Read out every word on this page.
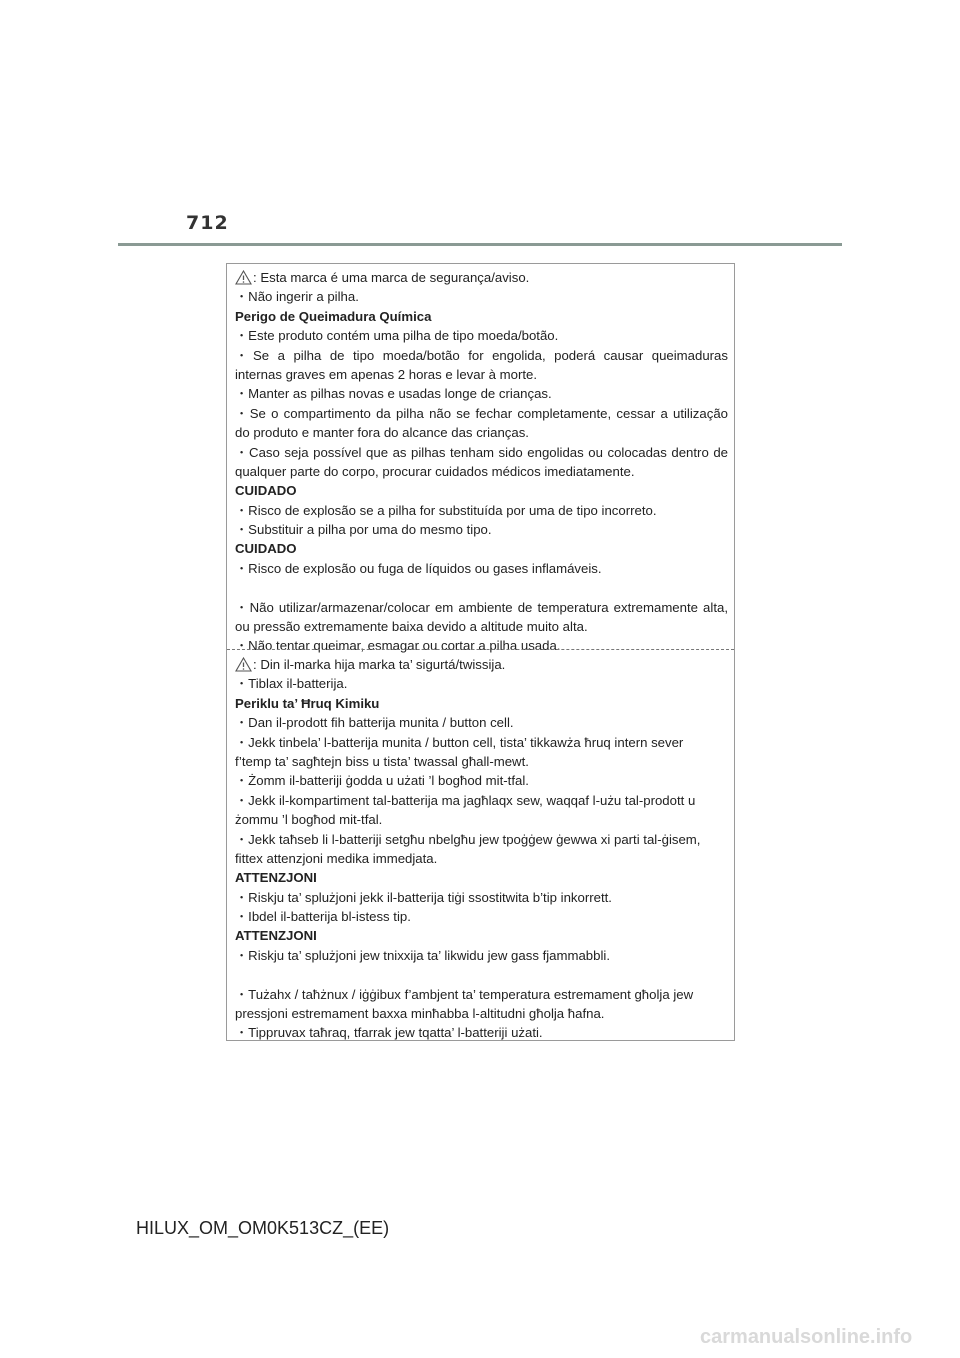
712
: Esta marca é uma marca de segurança/aviso.
・Não ingerir a pilha.
Perigo de Queimadura Química
・Este produto contém uma pilha de tipo moeda/botão.
・Se a pilha de tipo moeda/botão for engolida, poderá causar queimaduras
internas graves em apenas 2 horas e levar à morte.
・Manter as pilhas novas e usadas longe de crianças.
・Se o compartimento da pilha não se fechar completamente, cessar a utilização
do produto e manter fora do alcance das crianças.
・Caso seja possível que as pilhas tenham sido engolidas ou colocadas dentro de
qualquer parte do corpo, procurar cuidados médicos imediatamente.
CUIDADO
・Risco de explosão se a pilha for substituída por uma de tipo incorreto.
・Substituir a pilha por uma do mesmo tipo.
CUIDADO
・Risco de explosão ou fuga de líquidos ou gases inflamáveis.
・Não utilizar/armazenar/colocar em ambiente de temperatura extremamente alta,
ou pressão extremamente baixa devido a altitude muito alta.
・Não tentar queimar, esmagar ou cortar a pilha usada.
: Din il-marka hija marka ta’ sigurtá/twissija.
・Tiblax il-batterija.
Periklu ta’ Ħruq Kimiku
・Dan il-prodott fih batterija munita / button cell.
・Jekk tinbela’ l-batterija munita / button cell, tista’ tikkawża ħruq intern sever
f’temp ta’ sagħtejn biss u tista’ twassal għall-mewt.
・Żomm il-batteriji ġodda u użati ’l bogħod mit-tfal.
・Jekk il-kompartiment tal-batterija ma jagħlaqx sew, waqqaf l-użu tal-prodott u
żommu ’l bogħod mit-tfal.
・Jekk taħseb li l-batteriji setgħu nbelgħu jew tpoġġew ġewwa xi parti tal-ġisem,
fittex attenzjoni medika immedjata.
ATTENZJONI
・Riskju ta’ splużjoni jekk il-batterija tiġi ssostitwita b’tip inkorrett.
・Ibdel il-batterija bl-istess tip.
ATTENZJONI
・Riskju ta’ splużjoni jew tnixxija ta’ likwidu jew gass fjammabbli.
・Tużahx / taħżnux / iġġibux f’ambjent ta’ temperatura estremament għolja jew
pressjoni estremament baxxa minħabba l-altitudni għolja ħafna.
・Tippruvax taħraq, tfarrak jew tqatta’ l-batteriji użati.
HILUX_OM_OM0K513CZ_(EE)
carmanualsonline.info
